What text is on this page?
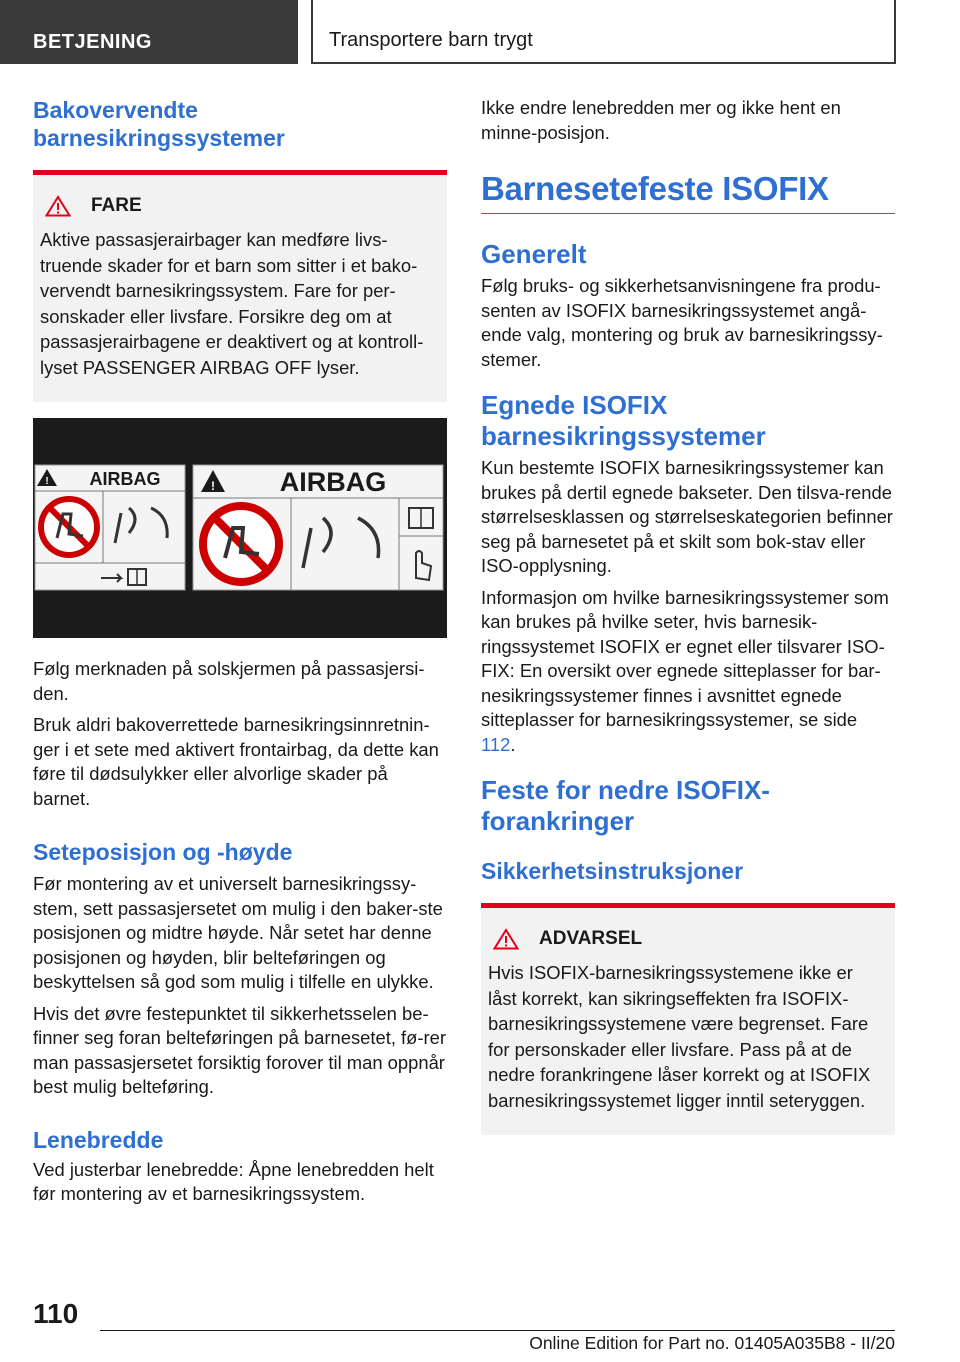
BETJENING	Transportere barn trygt
Bakovervendte barnesikringssystemer
FARE
Aktive passasjerairbager kan medføre livs-truende skader for et barn som sitter i et bako-vervendt barnesikringssystem. Fare for per-sonskader eller livsfare. Forsikre deg om at passasjerairbagene er deaktivert og at kontroll-lyset PASSENGER AIRBAG OFF lyser.
! AIRBAG	! AIRBAG
Følg merknaden på solskjermen på passasjersi-den.
Bruk aldri bakoverrettede barnesikringsinnretnin-ger i et sete med aktivert frontairbag, da dette kan føre til dødsulykker eller alvorlige skader på barnet.
Seteposisjon og -høyde
Før montering av et universelt barnesikringssy-stem, sett passasjersetet om mulig i den baker-ste posisjonen og midtre høyde. Når setet har denne posisjonen og høyden, blir belteføringen og beskyttelsen så god som mulig i tilfelle en ulykke.
Hvis det øvre festepunktet til sikkerhetsselen be-finner seg foran belteføringen på barnesetet, fø-rer man passasjersetet forsiktig forover til man oppnår best mulig belteføring.
Lenebredde
Ved justerbar lenebredde: Åpne lenebredden helt før montering av et barnesikringssystem.
Ikke endre lenebredden mer og ikke hent en minne-posisjon.
Barnesetefeste ISOFIX
Generelt
Følg bruks- og sikkerhetsanvisningene fra produ-senten av ISOFIX barnesikringssystemet angå-ende valg, montering og bruk av barnesikringssy-stemer.
Egnede ISOFIX barnesikringssystemer
Kun bestemte ISOFIX barnesikringssystemer kan brukes på dertil egnede bakseter. Den tilsva-rende størrelsesklassen og størrelseskategorien befinner seg på barnesetet på et skilt som bok-stav eller ISO-opplysning.
Informasjon om hvilke barnesikringssystemer som kan brukes på hvilke seter, hvis barnesik-ringssystemet ISOFIX er egnet eller tilsvarer ISO-FIX: En oversikt over egnede sitteplasser for bar-nesikringssystemer finnes i avsnittet egnede sitteplasser for barnesikringssystemer, se side 112.
Feste for nedre ISOFIX-forankringer
Sikkerhetsinstruksjoner
ADVARSEL
Hvis ISOFIX-barnesikringssystemene ikke er låst korrekt, kan sikringseffekten fra ISOFIX-barnesikringssystemene være begrenset. Fare for personskader eller livsfare. Pass på at de nedre forankringene låser korrekt og at ISOFIX barnesikringssystemet ligger inntil seteryggen.
110
Online Edition for Part no. 01405A035B8 - II/20
